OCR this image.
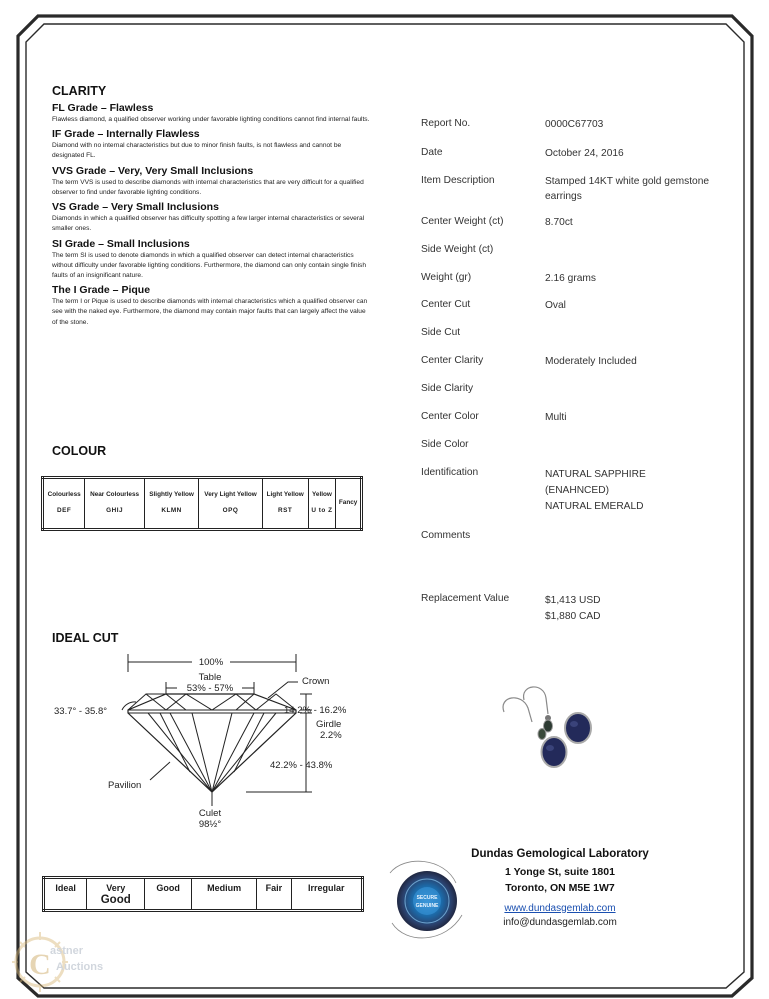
CLARITY
FL Grade – Flawless
Flawless diamond, a qualified observer working under favorable lighting conditions cannot find internal faults.
IF Grade – Internally Flawless
Diamond with no internal characteristics but due to minor finish faults, is not flawless and cannot be designated FL.
VVS Grade – Very, Very Small Inclusions
The term VVS is used to describe diamonds with internal characteristics that are very difficult for a qualified observer to find under favorable lighting conditions.
VS Grade – Very Small Inclusions
Diamonds in which a qualified observer has difficulty spotting a few larger internal characteristics or several smaller ones.
SI Grade – Small Inclusions
The term SI is used to denote diamonds in which a qualified observer can detect internal characteristics without difficulty under favorable lighting conditions. Furthermore, the diamond can only contain single finish faults of an insignificant nature.
The I Grade – Pique
The term I or Pique is used to describe diamonds with internal characteristics which a qualified observer can see with the naked eye. Furthermore, the diamond may contain major faults that can largely affect the value of the stone.
COLOUR
Colourless
DEF
	Near Colourless
GHIJ
	Slightly Yellow
KLMN
	Very Light Yellow
OPQ
	Light Yellow
RST
	Yellow
U to Z
	Fancy
IDEAL CUT
100%
Table
53% - 57%
Crown
33.7° - 35.8°	14.2% - 16.2%
Girdle
2.2%
Pavilion
42.2% - 43.8%
Culet
98½°
Ideal	Very
Good
	Good	Medium	Fair	Irregular
Report No.	0000C67703
Date	October 24, 2016
Item Description	Stamped 14KT white gold gemstone earrings
Center Weight (ct)	8.70ct
Side Weight (ct)
Weight (gr)	2.16 grams
Center Cut	Oval
Side Cut
Center Clarity	Moderately Included
Side Clarity
Center Color	Multi
Side Color
Identification	NATURAL SAPPHIRE
(ENAHNCED)
NATURAL EMERALD
Comments
Replacement Value	$1,413 USD
$1,880 CAD
SECURE
GENUINE
Dundas Gemological Laboratory
1 Yonge St, suite 1801
Toronto, ON M5E 1W7
www.dundasgemlab.com
info@dundasgemlab.com
C astner
Auctions
